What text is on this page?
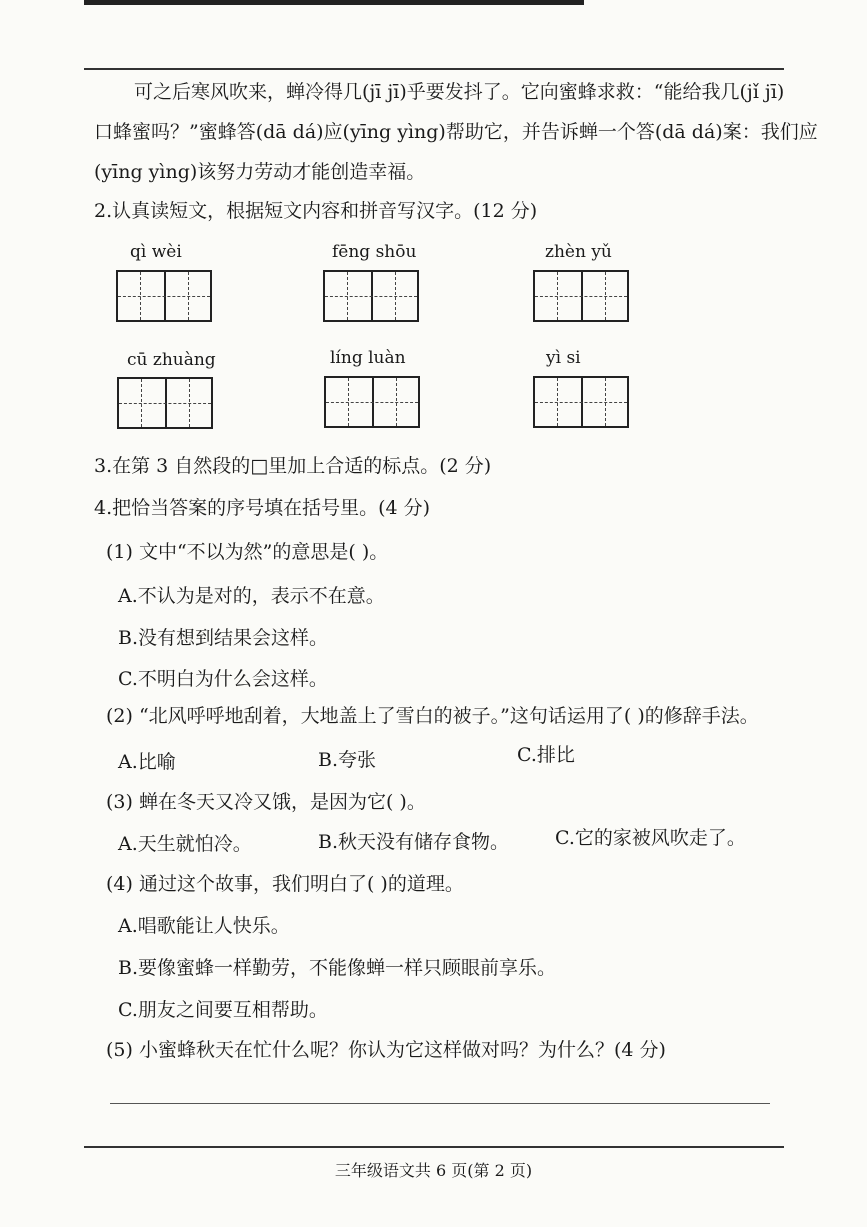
可之后寒风吹来，蝉冷得几(jī jī)乎要发抖了。它向蜜蜂求救：“能给我几(jǐ jī)
口蜂蜜吗？”蜜蜂答(dā dá)应(yīng yìng)帮助它，并告诉蝉一个答(dā dá)案：我们应
(yīng yìng)该努力劳动才能创造幸福。
2.认真读短文，根据短文内容和拼音写汉字。(12 分)
qì wèi	fēng shōu	zhèn yǔ
cū zhuàng	líng luàn	yì si
3.在第 3 自然段的□里加上合适的标点。(2 分)
4.把恰当答案的序号填在括号里。(4 分)
(1) 文中“不以为然”的意思是( )。
A.不认为是对的，表示不在意。
B.没有想到结果会这样。
C.不明白为什么会这样。
(2) “北风呼呼地刮着，大地盖上了雪白的被子。”这句话运用了( )的修辞手法。
A.比喻	B.夸张	C.排比
(3) 蝉在冬天又冷又饿，是因为它( )。
A.天生就怕冷。	B.秋天没有储存食物。 C.它的家被风吹走了。
(4) 通过这个故事，我们明白了( )的道理。
A.唱歌能让人快乐。
B.要像蜜蜂一样勤劳，不能像蝉一样只顾眼前享乐。
C.朋友之间要互相帮助。
(5) 小蜜蜂秋天在忙什么呢？你认为它这样做对吗？为什么？(4 分)
三年级语文共 6 页(第 2 页)
